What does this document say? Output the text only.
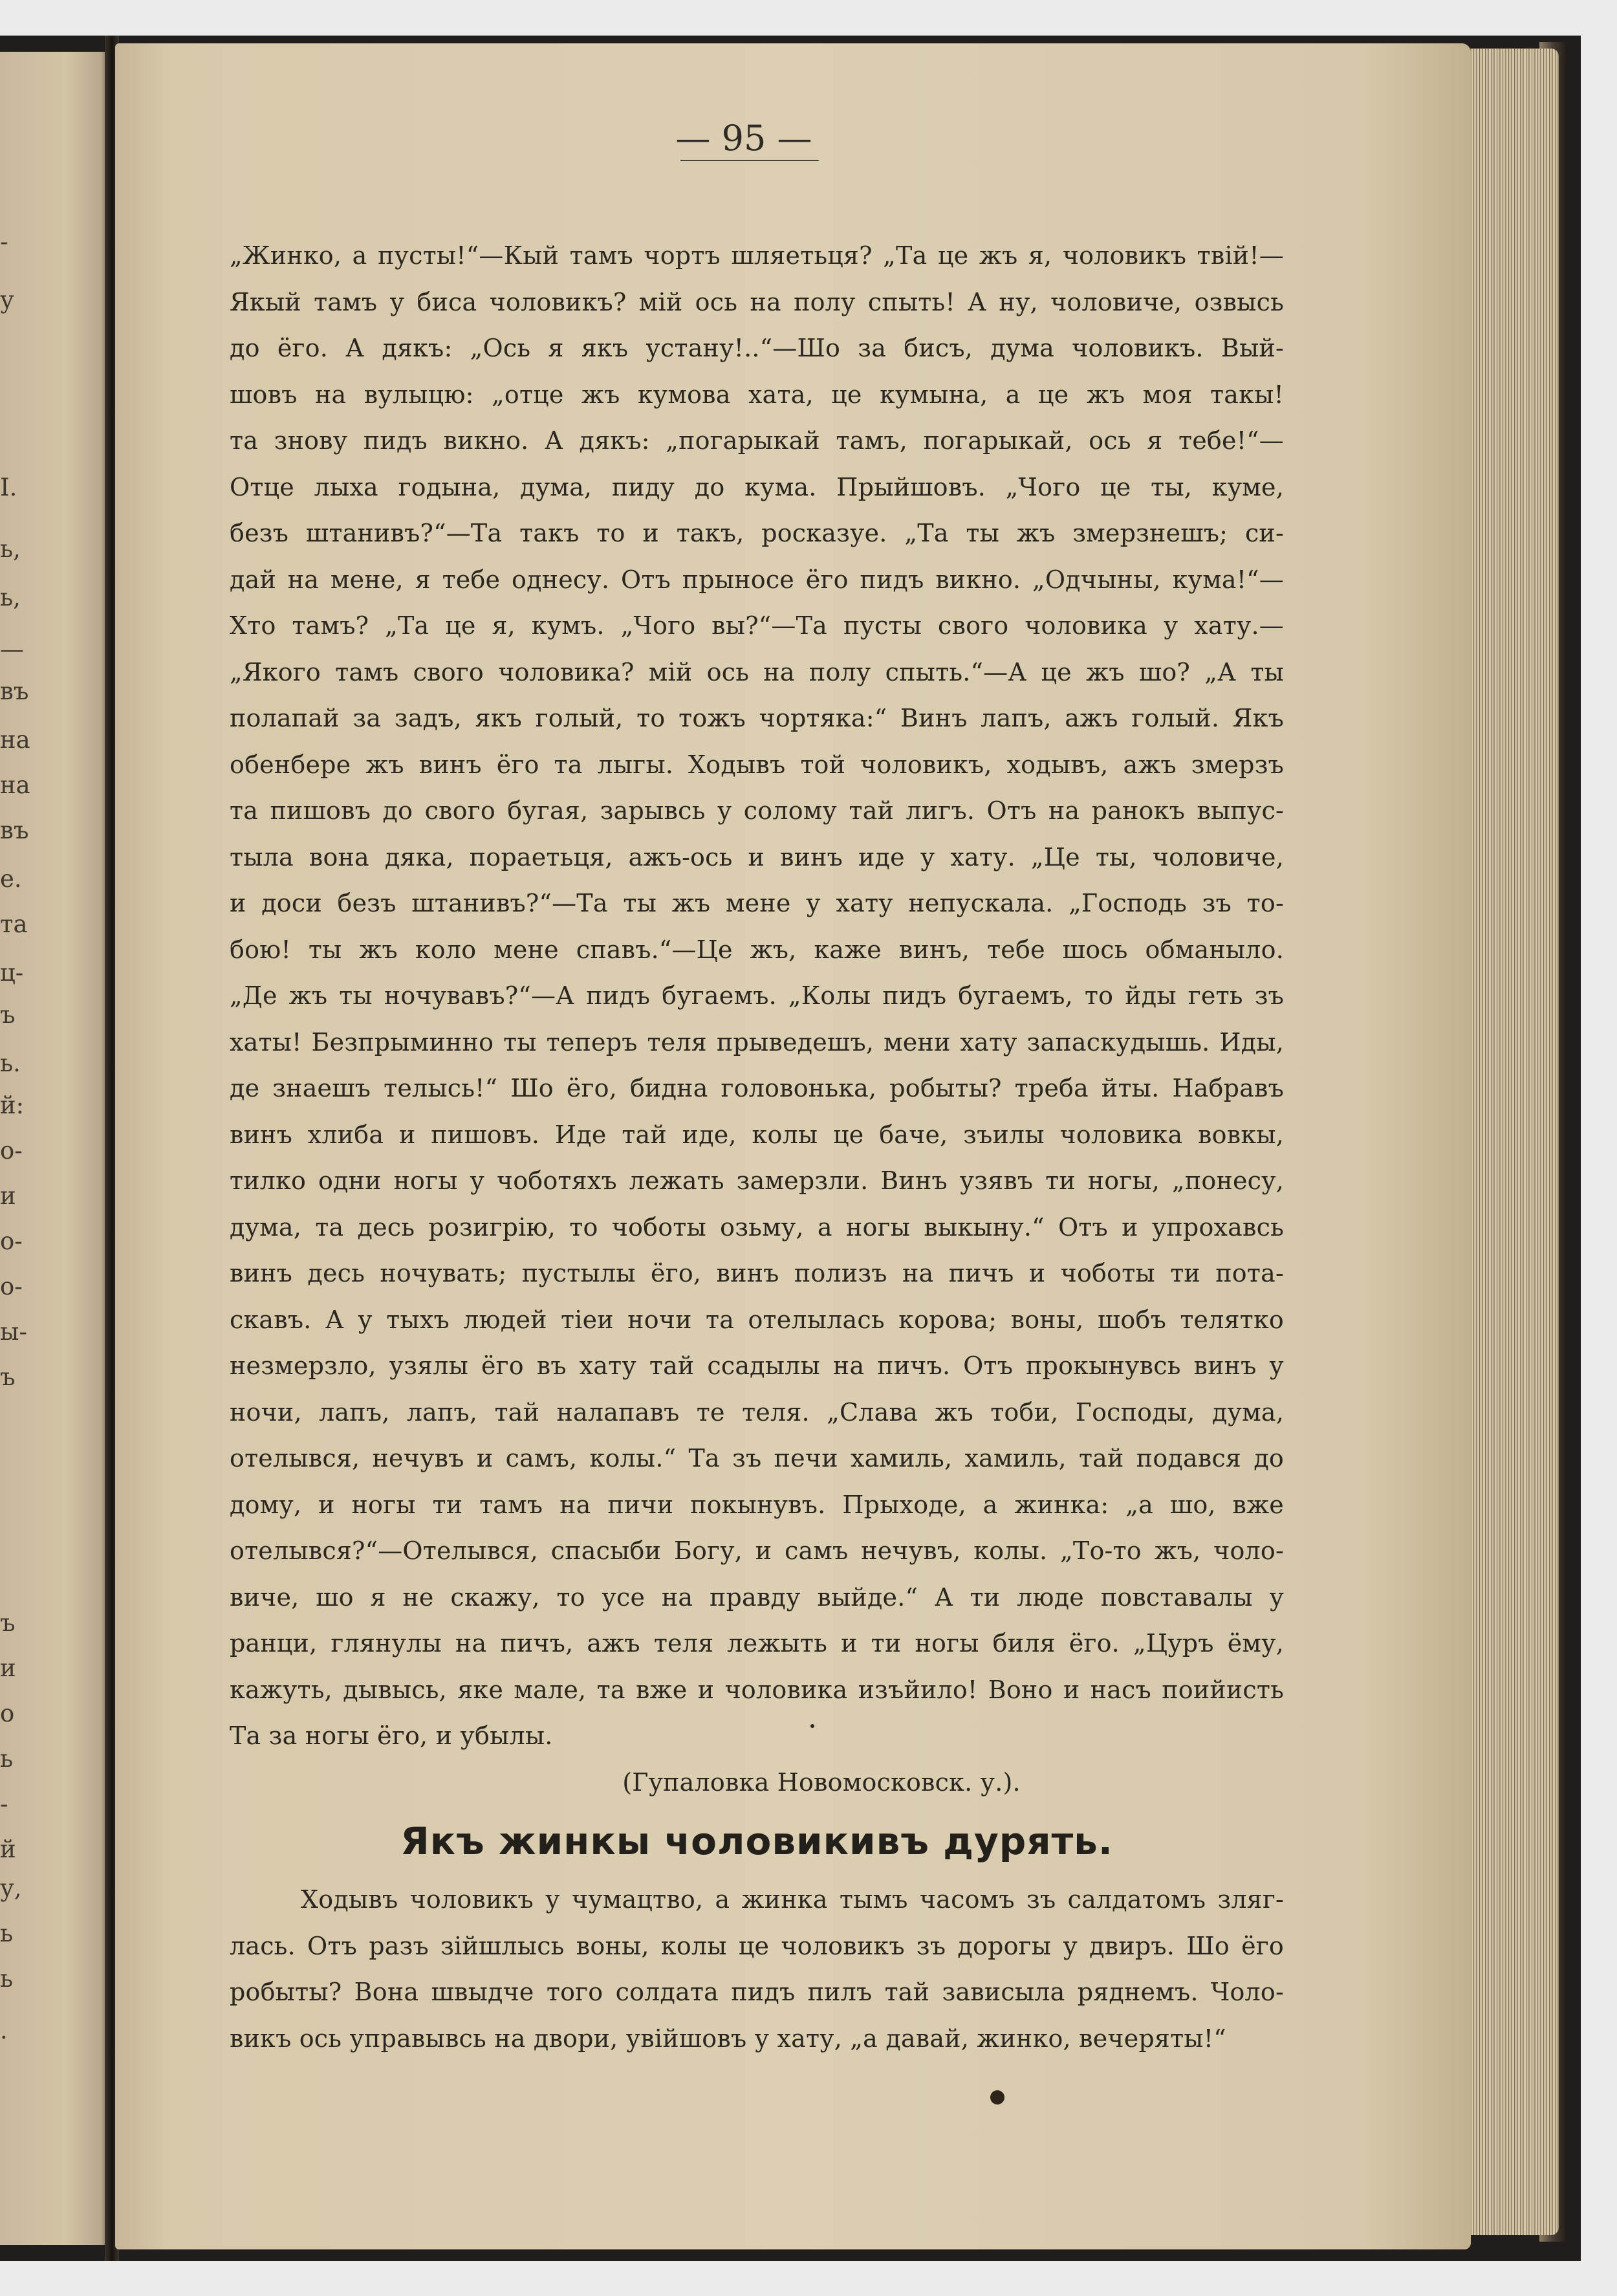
-
у
I.
ь,
ь,
—
въ
на
на
въ
е.
та
ц-
ъ
ь.
й:
о-
и
о-
о-
ы-
ъ
ъ
и
о
ь
-
й
у,
ь
ь
.
— 95 —
„Жинко, а пусты!“—Кый тамъ чортъ шляетьця? „Та це жъ я, чоловикъ твій!—
Якый тамъ у биса чоловикъ? мій ось на полу спыть! А ну, чоловиче, озвысь
до ёго. А дякъ: „Ось я якъ устану!..“—Шо за бисъ, дума чоловикъ. Вый-
шовъ на вулыцю: „отце жъ кумова хата, це кумына, а це жъ моя такы!
та знову пидъ викно. А дякъ: „погарыкай тамъ, погарыкай, ось я тебе!“—
Отце лыха годына, дума, пиду до кума. Прыйшовъ. „Чого це ты, куме,
безъ штанивъ?“—Та такъ то и такъ, росказуе. „Та ты жъ змерзнешъ; си-
дай на мене, я тебе однесу. Отъ прыносе ёго пидъ викно. „Одчыны, кума!“—
Хто тамъ? „Та це я, кумъ. „Чого вы?“—Та пусты свого чоловика у хату.—
„Якого тамъ свого чоловика? мій ось на полу спыть.“—А це жъ шо? „А ты
полапай за задъ, якъ голый, то тожъ чортяка:“ Винъ лапъ, ажъ голый. Якъ
обенбере жъ винъ ёго та лыгы. Ходывъ той чоловикъ, ходывъ, ажъ змерзъ
та пишовъ до свого бугая, зарывсь у солому тай лигъ. Отъ на ранокъ выпус-
тыла вона дяка, пораетьця, ажъ-ось и винъ иде у хату. „Це ты, чоловиче,
и доси безъ штанивъ?“—Та ты жъ мене у хату непускала. „Господь зъ то-
бою! ты жъ коло мене спавъ.“—Це жъ, каже винъ, тебе шось обманыло.
„Де жъ ты ночувавъ?“—А пидъ бугаемъ. „Колы пидъ бугаемъ, то йды геть зъ
хаты! Безпрыминно ты теперъ теля прыведешъ, мени хату запаскудышь. Иды,
де знаешъ телысь!“ Шо ёго, бидна головонька, робыты? треба йты. Набравъ
винъ хлиба и пишовъ. Иде тай иде, колы це баче, зъилы чоловика вовкы,
тилко одни ногы у чоботяхъ лежать замерзли. Винъ узявъ ти ногы, „понесу,
дума, та десь розигрію, то чоботы озьму, а ногы выкыну.“ Отъ и упрохавсь
винъ десь ночувать; пустылы ёго, винъ полизъ на пичъ и чоботы ти пота-
скавъ. А у тыхъ людей тіеи ночи та отелылась корова; воны, шобъ телятко
незмерзло, узялы ёго въ хату тай ссадылы на пичъ. Отъ прокынувсь винъ у
ночи, лапъ, лапъ, тай налапавъ те теля. „Слава жъ тоби, Господы, дума,
отелывся, нечувъ и самъ, колы.“ Та зъ печи хамиль, хамиль, тай подався до
дому, и ногы ти тамъ на пичи покынувъ. Прыходе, а жинка: „а шо, вже
отелывся?“—Отелывся, спасыби Богу, и самъ нечувъ, колы. „То-то жъ, чоло-
виче, шо я не скажу, то усе на правду выйде.“ А ти люде повставалы у
ранци, глянулы на пичъ, ажъ теля лежыть и ти ногы биля ёго. „Цуръ ёму,
кажуть, дывысь, яке мале, та вже и чоловика изъйило! Воно и насъ поийисть
Та за ногы ёго, и убылы.
(Гупаловка Новомосковск. у.).
Якъ жинкы чоловикивъ дурять.
Ходывъ чоловикъ у чумацтво, а жинка тымъ часомъ зъ салдатомъ зляг-
лась. Отъ разъ зійшлысь воны, колы це чоловикъ зъ дорогы у двиръ. Шо ёго
робыты? Вона швыдче того солдата пидъ пилъ тай зависыла ряднемъ. Чоло-
викъ ось управывсь на двори, увійшовъ у хату, „а давай, жинко, вечеряты!“
